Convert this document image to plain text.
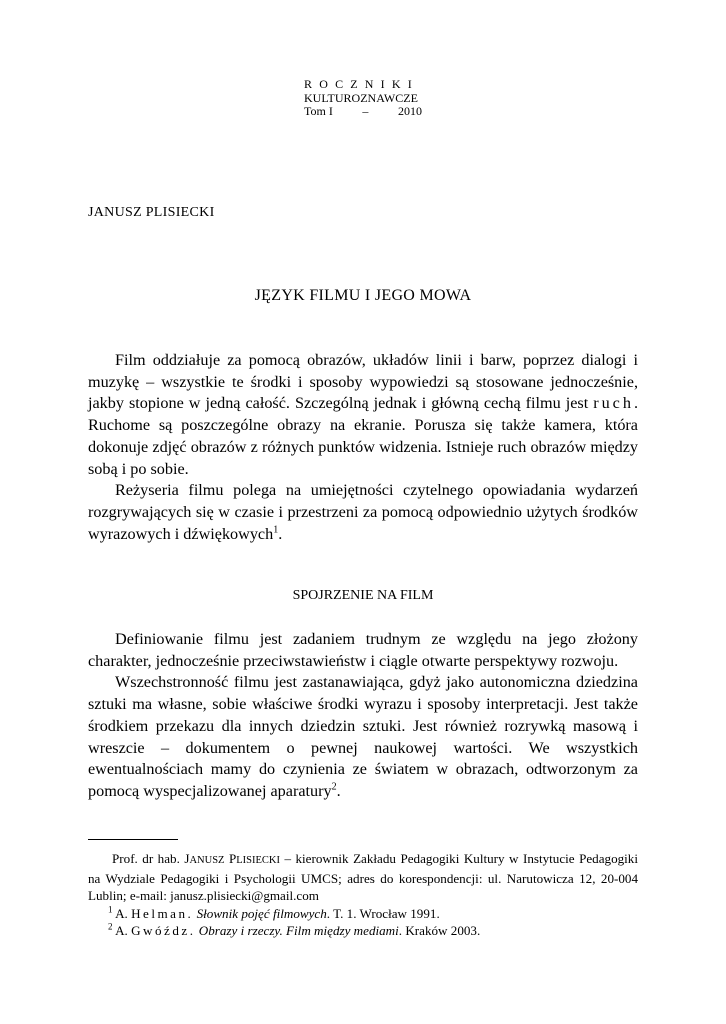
ROCZNIKI
KULTUROZNAWCZE
Tom I – 2010
JANUSZ PLISIECKI
JĘZYK FILMU I JEGO MOWA

Film oddziałuje za pomocą obrazów, układów linii i barw, poprzez dialogi i muzykę – wszystkie te środki i sposoby wypowiedzi są stosowane jednocześnie, jakby stopione w jedną całość. Szczególną jednak i główną cechą filmu jest ruch. Ruchome są poszczególne obrazy na ekranie. Porusza się także kamera, która dokonuje zdjęć obrazów z różnych punktów widzenia. Istnieje ruch obrazów między sobą i po sobie.

Reżyseria filmu polega na umiejętności czytelnego opowiadania wydarzeń rozgrywających się w czasie i przestrzeni za pomocą odpowiednio użytych środków wyrazowych i dźwiękowych$^1$.

SPOJRZENIE NA FILM

Definiowanie filmu jest zadaniem trudnym ze względu na jego złożony charakter, jednocześnie przeciwstawieństw i ciągle otwarte perspektywy rozwoju.

Wszechstronność filmu jest zastanawiająca, gdyż jako autonomiczna dziedzina sztuki ma własne, sobie właściwe środki wyrazu i sposoby interpretacji. Jest także środkiem przekazu dla innych dziedzin sztuki. Jest również rozrywką masową i wreszcie – dokumentem o pewnej naukowej wartości. We wszystkich ewentualnościach mamy do czynienia ze światem w obrazach, odtworzonym za pomocą wyspecjalizowanej aparatury$^2$.

Prof. dr hab. JANUSZ PLISIECKI – kierownik Zakładu Pedagogiki Kultury w Instytucie Pedagogiki na Wydziale Pedagogiki i Psychologii UMCS; adres do korespondencji: ul. Narutowicza 12, 20-004 Lublin; e-mail: janusz.plisiecki@gmail.com

$^1$ A. Helman. Słownik pojęć filmowych. T. 1. Wrocław 1991.

$^2$ A. Gwóźdz. Obrazy i rzeczy. Film między mediami. Kraków 2003.
